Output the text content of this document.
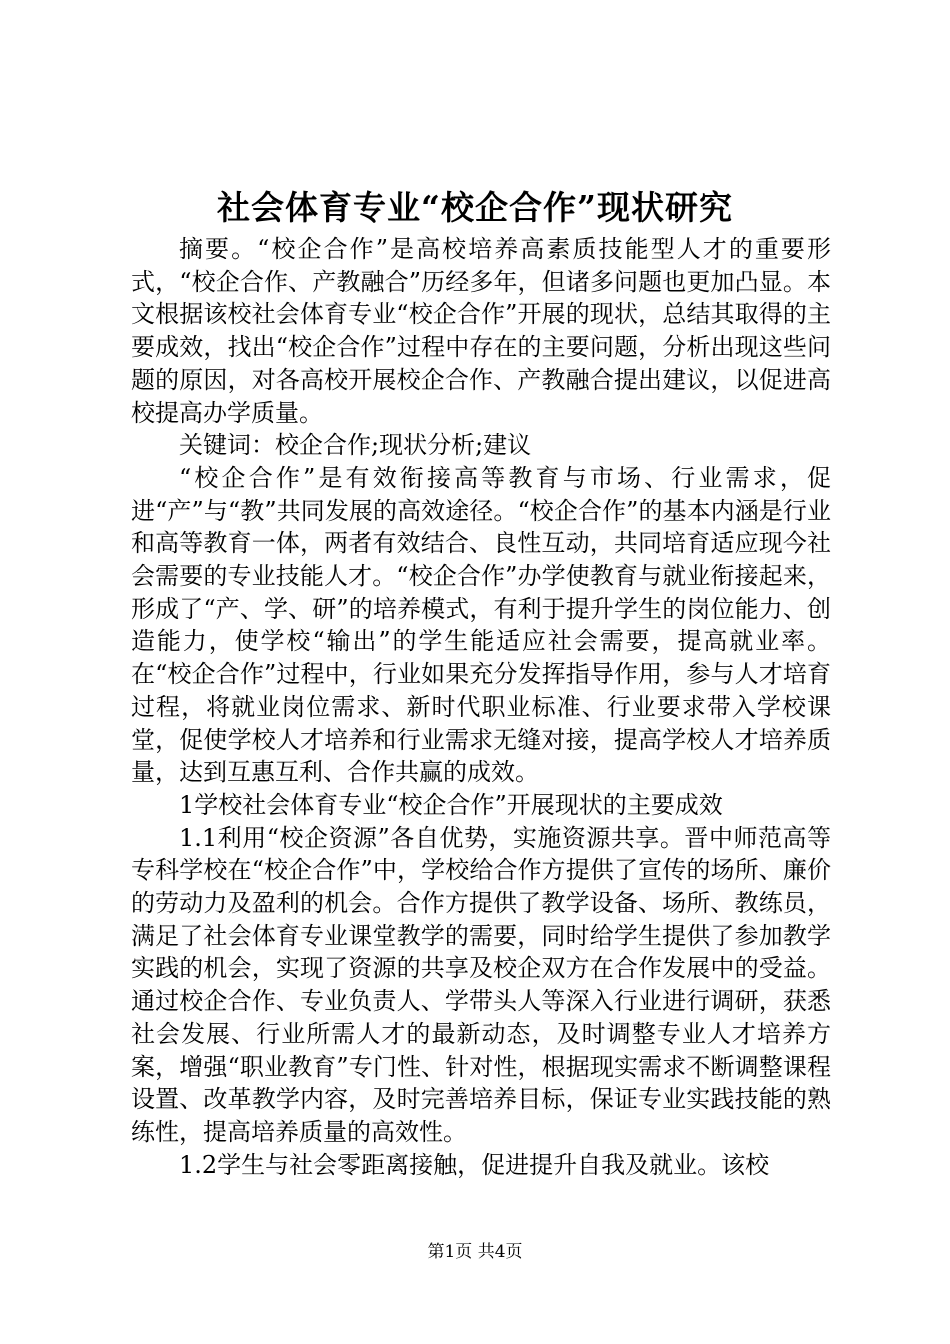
社会体育专业“校企合作”现状研究

摘要。“校企合作”是高校培养高素质技能型人才的重要形式，“校企合作、产教融合”历经多年，但诸多问题也更加凸显。本文根据该校社会体育专业“校企合作”开展的现状，总结其取得的主要成效，找出“校企合作”过程中存在的主要问题，分析出现这些问题的原因，对各高校开展校企合作、产教融合提出建议，以促进高校提高办学质量。

关键词：校企合作;现状分析;建议

“校企合作”是有效衔接高等教育与市场、行业需求，促进“产”与“教”共同发展的高效途径。“校企合作”的基本内涵是行业和高等教育一体，两者有效结合、良性互动，共同培育适应现今社会需要的专业技能人才。“校企合作”办学使教育与就业衔接起来，形成了“产、学、研”的培养模式，有利于提升学生的岗位能力、创造能力，使学校“输出”的学生能适应社会需要，提高就业率。在“校企合作”过程中，行业如果充分发挥指导作用，参与人才培育过程，将就业岗位需求、新时代职业标准、行业要求带入学校课堂，促使学校人才培养和行业需求无缝对接，提高学校人才培养质量，达到互惠互利、合作共赢的成效。

1学校社会体育专业“校企合作”开展现状的主要成效

1.1利用“校企资源”各自优势，实施资源共享。晋中师范高等专科学校在“校企合作”中，学校给合作方提供了宣传的场所、廉价的劳动力及盈利的机会。合作方提供了教学设备、场所、教练员，满足了社会体育专业课堂教学的需要，同时给学生提供了参加教学实践的机会，实现了资源的共享及校企双方在合作发展中的受益。通过校企合作、专业负责人、学带头人等深入行业进行调研，获悉社会发展、行业所需人才的最新动态，及时调整专业人才培养方案，增强“职业教育”专门性、针对性，根据现实需求不断调整课程设置、改革教学内容，及时完善培养目标，保证专业实践技能的熟练性，提高培养质量的高效性。

1.2学生与社会零距离接触，促进提升自我及就业。该校

第1页 共4页
